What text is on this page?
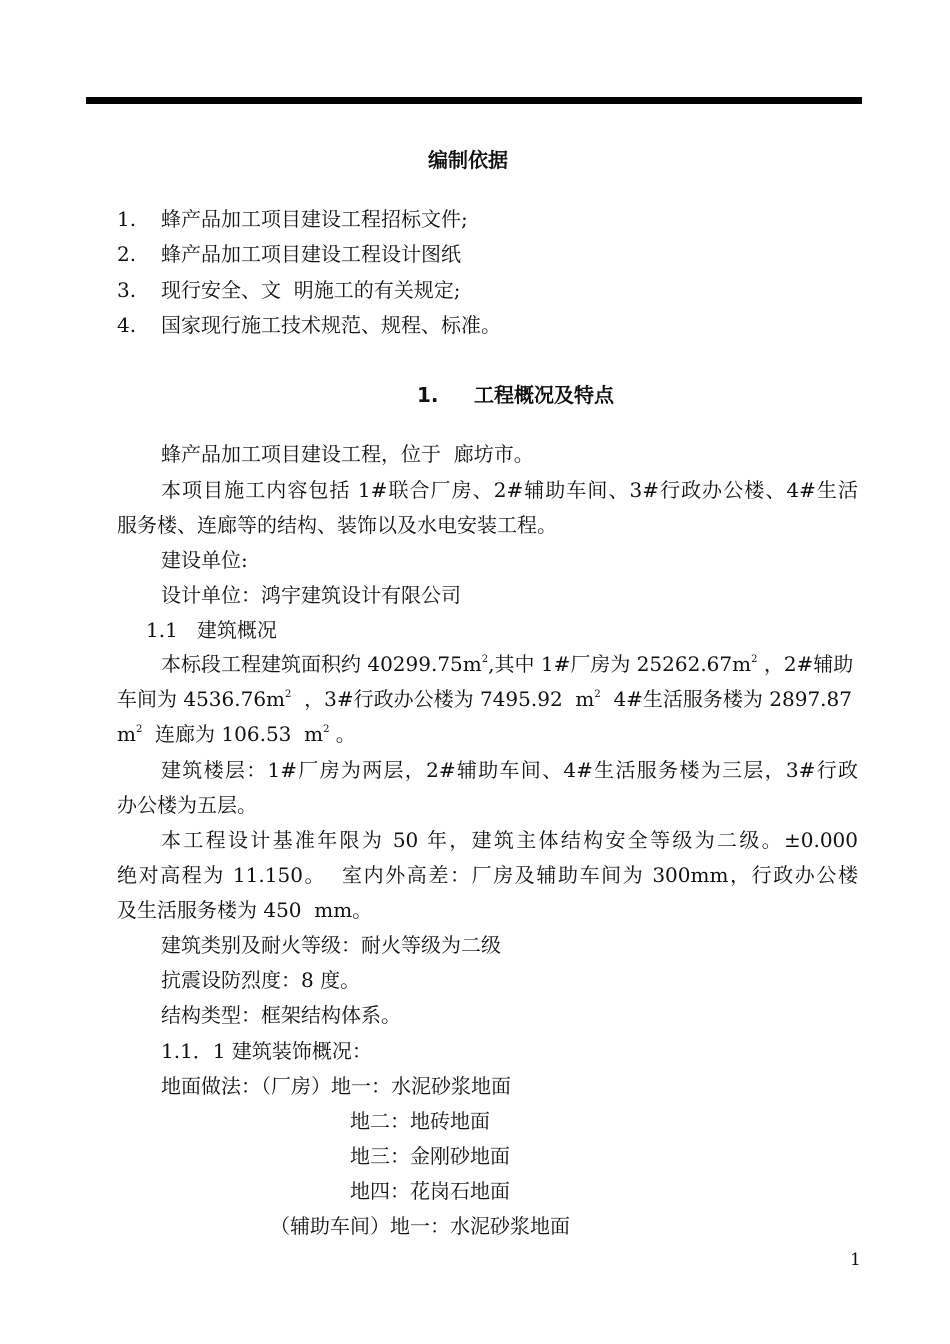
编制依据
1. 蜂产品加工项目建设工程招标文件;
2. 蜂产品加工项目建设工程设计图纸
3. 现行安全、文  明施工的有关规定;
4. 国家现行施工技术规范、规程、标准。
1. 工程概况及特点
蜂产品加工项目建设工程，位于  廊坊市。
本项目施工内容包括 1#联合厂房、2#辅助车间、3#行政办公楼、4#生活
服务楼、连廊等的结构、装饰以及水电安装工程。
建设单位:
设计单位：鸿宇建筑设计有限公司
1.1   建筑概况
本标段工程建筑面积约 $40299.75m^2$,其中 1#厂房为 $25262.67m^2$ ，2#辅助
车间为 $4536.76m^2$  ，3#行政办公楼为 7495.92  $m^2$  4#生活服务楼为 2897.87
$m^2$  连廊为 106.53  $m^2$ 。
建筑楼层：1#厂房为两层，2#辅助车间、4#生活服务楼为三层，3#行政
办公楼为五层。
本工程设计基准年限为 50 年，建筑主体结构安全等级为二级。±0.000
绝对高程为 11.150。  室内外高差：厂房及辅助车间为 300mm，行政办公楼
及生活服务楼为 450  mm。
建筑类别及耐火等级：耐火等级为二级
抗震设防烈度：8 度。
结构类型：框架结构体系。
1.1．1 建筑装饰概况：
地面做法：（厂房）地一：水泥砂浆地面
地二：地砖地面
地三：金刚砂地面
地四：花岗石地面
（辅助车间）地一：水泥砂浆地面
1
